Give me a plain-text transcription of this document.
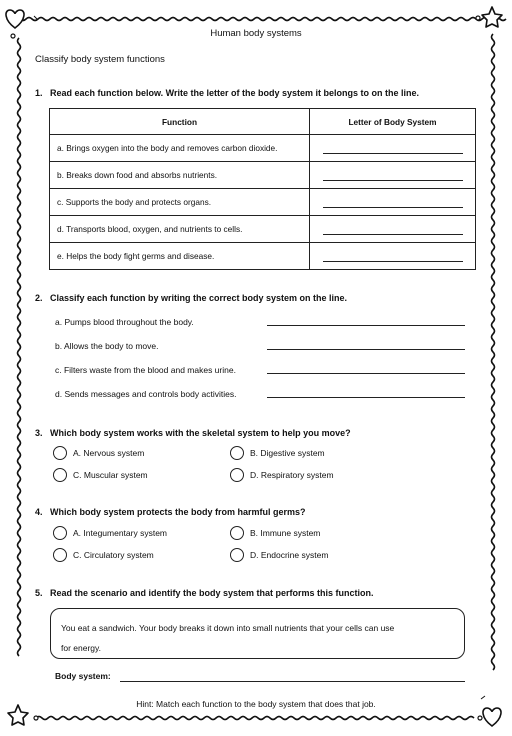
Human body systems
Classify body system functions
1. Read each function below. Write the letter of the body system it belongs to on the line.
Function	Letter of Body System
a. Brings oxygen into the body and removes carbon dioxide.	
b. Breaks down food and absorbs nutrients.	
c. Supports the body and protects organs.	
d. Transports blood, oxygen, and nutrients to cells.	
e. Helps the body fight germs and disease.	
2. Classify each function by writing the correct body system on the line.
a. Pumps blood throughout the body.
b. Allows the body to move.
c. Filters waste from the blood and makes urine.
d. Sends messages and controls body activities.
3. Which body system works with the skeletal system to help you move?
A. Nervous system	B. Digestive system
C. Muscular system	D. Respiratory system
4. Which body system protects the body from harmful germs?
A. Integumentary system	B. Immune system
C. Circulatory system	D. Endocrine system
5. Read the scenario and identify the body system that performs this function.
You eat a sandwich. Your body breaks it down into small nutrients that your cells can use
for energy.
Body system:
Hint: Match each function to the body system that does that job.
